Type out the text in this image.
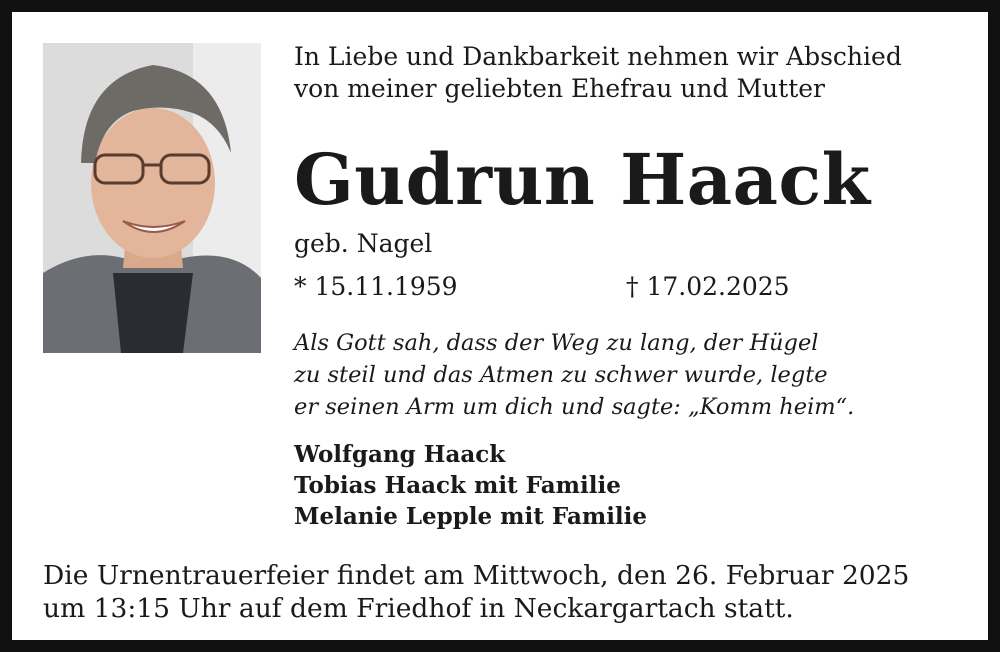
In Liebe und Dankbarkeit nehmen wir Abschied
von meiner geliebten Ehefrau und Mutter
Gudrun Haack
geb. Nagel
* 15.11.1959	† 17.02.2025
Als Gott sah, dass der Weg zu lang, der Hügel
zu steil und das Atmen zu schwer wurde, legte
er seinen Arm um dich und sagte: „Komm heim“.
Wolfgang Haack
Tobias Haack mit Familie
Melanie Lepple mit Familie
Die Urnentrauerfeier findet am Mittwoch, den 26. Februar 2025
um 13:15 Uhr auf dem Friedhof in Neckargartach statt.
